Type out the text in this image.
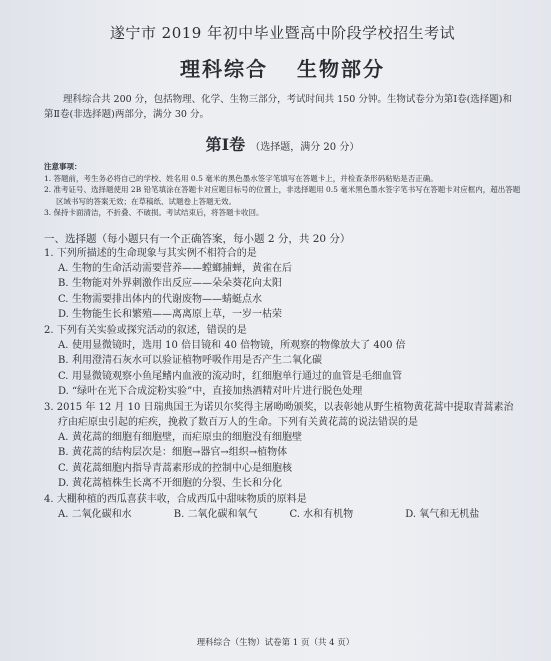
遂宁市 2019 年初中毕业暨高中阶段学校招生考试
理科综合 生物部分
理科综合共 200 分，包括物理、化学、生物三部分，考试时间共 150 分钟。生物试卷分为第Ⅰ卷(选择题)和第Ⅱ卷(非选择题)两部分，满分 30 分。
第Ⅰ卷 （选择题，满分 20 分）
注意事项：
1. 答题前，考生务必将自己的学校、姓名用 0.5 毫米的黑色墨水签字笔填写在答题卡上，并检查条形码粘贴是否正确。
2. 准考证号、选择题使用 2B 铅笔填涂在答题卡对应题目标号的位置上，非选择题用 0.5 毫米黑色墨水签字笔书写在答题卡对应框内，超出答题区域书写的答案无效；在草稿纸、试题卷上答题无效。
3. 保持卡面清洁，不折叠、不破损。考试结束后，将答题卡收回。
一、选择题（每小题只有一个正确答案，每小题 2 分，共 20 分）
1. 下列所描述的生命现象与其实例不相符合的是
A. 生物的生命活动需要营养——螳螂捕蝉，黄雀在后
B. 生物能对外界刺激作出反应——朵朵葵花向太阳
C. 生物需要排出体内的代谢废物——蜻蜓点水
D. 生物能生长和繁殖——离离原上草，一岁一枯荣
2. 下列有关实验或探究活动的叙述，错误的是
A. 使用显微镜时，选用 10 倍目镜和 40 倍物镜，所观察的物像放大了 400 倍
B. 利用澄清石灰水可以验证植物呼吸作用是否产生二氧化碳
C. 用显微镜观察小鱼尾鳍内血液的流动时，红细胞单行通过的血管是毛细血管
D. “绿叶在光下合成淀粉实验”中，直接加热酒精对叶片进行脱色处理
3. 2015 年 12 月 10 日瑞典国王为诺贝尔奖得主屠呦呦颁奖，以表彰她从野生植物黄花蒿中提取青蒿素治疗由疟原虫引起的疟疾，挽救了数百万人的生命。下列有关黄花蒿的说法错误的是
A. 黄花蒿的细胞有细胞壁，而疟原虫的细胞没有细胞壁
B. 黄花蒿的结构层次是：细胞→器官→组织→植物体
C. 黄花蒿细胞内指导青蒿素形成的控制中心是细胞核
D. 黄花蒿植株生长离不开细胞的分裂、生长和分化
4. 大棚种植的西瓜喜获丰收，合成西瓜中甜味物质的原料是
A. 二氧化碳和水	B. 二氧化碳和氧气	C. 水和有机物	D. 氧气和无机盐
理科综合（生物）试卷第 1 页（共 4 页）
